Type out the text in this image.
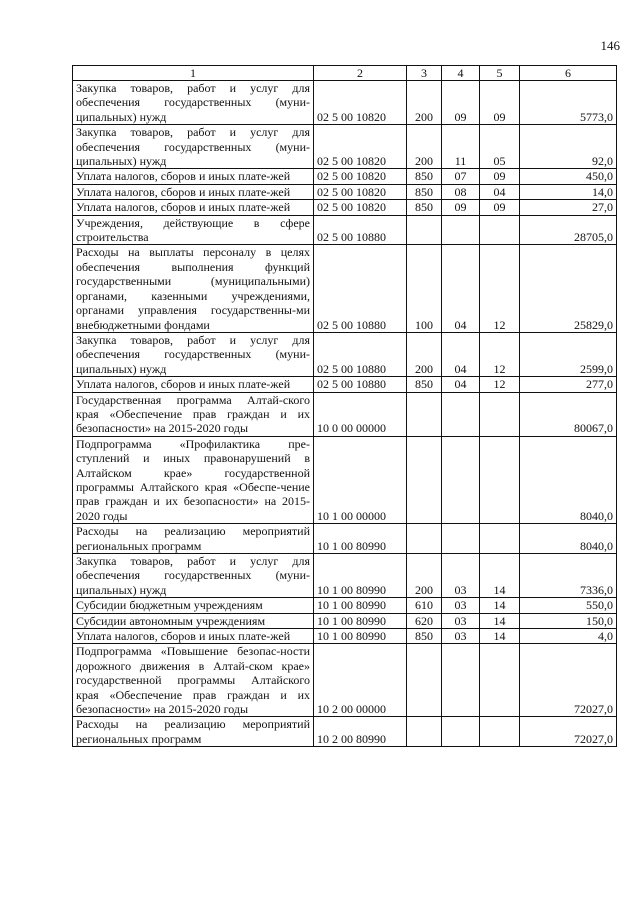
146
1	2	3	4	5	6
Закупка товаров, работ и услуг для обеспечения государственных (муни-ципальных) нужд	02 5 00 10820	200	09	09	5773,0
Закупка товаров, работ и услуг для обеспечения государственных (муни-ципальных) нужд	02 5 00 10820	200	11	05	92,0
Уплата налогов, сборов и иных плате-жей	02 5 00 10820	850	07	09	450,0
Уплата налогов, сборов и иных плате-жей	02 5 00 10820	850	08	04	14,0
Уплата налогов, сборов и иных плате-жей	02 5 00 10820	850	09	09	27,0
Учреждения, действующие в сфере строительства	02 5 00 10880				28705,0
Расходы на выплаты персоналу в целях обеспечения выполнения функций государственными (муниципальными) органами, казенными учреждениями, органами управления государственны-ми внебюджетными фондами	02 5 00 10880	100	04	12	25829,0
Закупка товаров, работ и услуг для обеспечения государственных (муни-ципальных) нужд	02 5 00 10880	200	04	12	2599,0
Уплата налогов, сборов и иных плате-жей	02 5 00 10880	850	04	12	277,0
Государственная программа Алтай-ского края «Обеспечение прав граждан и их безопасности» на 2015-2020 годы	10 0 00 00000				80067,0
Подпрограмма «Профилактика пре-ступлений и иных правонарушений в Алтайском крае» государственной программы Алтайского края «Обеспе-чение прав граждан и их безопасности» на 2015-2020 годы	10 1 00 00000				8040,0
Расходы на реализацию мероприятий региональных программ	10 1 00 80990				8040,0
Закупка товаров, работ и услуг для обеспечения государственных (муни-ципальных) нужд	10 1 00 80990	200	03	14	7336,0
Субсидии бюджетным учреждениям	10 1 00 80990	610	03	14	550,0
Субсидии автономным учреждениям	10 1 00 80990	620	03	14	150,0
Уплата налогов, сборов и иных плате-жей	10 1 00 80990	850	03	14	4,0
Подпрограмма «Повышение безопас-ности дорожного движения в Алтай-ском крае» государственной программы Алтайского края «Обеспечение прав граждан и их безопасности» на 2015-2020 годы	10 2 00 00000				72027,0
Расходы на реализацию мероприятий региональных программ	10 2 00 80990				72027,0
